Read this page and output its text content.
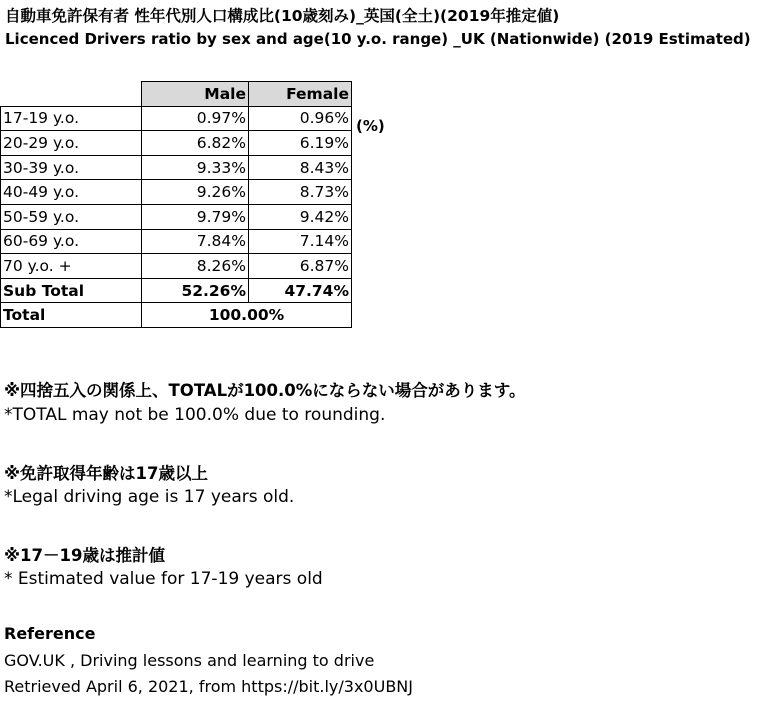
自動車免許保有者 性年代別人口構成比(10歳刻み)_英国(全土)(2019年推定値)
Licenced Drivers ratio by sex and age(10 y.o. range) _UK (Nationwide) (2019 Estimated)
	Male	Female
17-19 y.o.	0.97%	0.96%
20-29 y.o.	6.82%	6.19%
30-39 y.o.	9.33%	8.43%
40-49 y.o.	9.26%	8.73%
50-59 y.o.	9.79%	9.42%
60-69 y.o.	7.84%	7.14%
70 y.o. +	8.26%	6.87%
Sub Total	52.26%	47.74%
Total	100.00%	
(%)
※四捨五入の関係上、TOTALが100.0%にならない場合があります。
*TOTAL may not be 100.0% due to rounding.
※免許取得年齢は17歳以上
*Legal driving age is 17 years old.
※17－19歳は推計値
* Estimated value for 17-19 years old
Reference
GOV.UK , Driving lessons and learning to drive
Retrieved April 6, 2021, from https://bit.ly/3x0UBNJ
